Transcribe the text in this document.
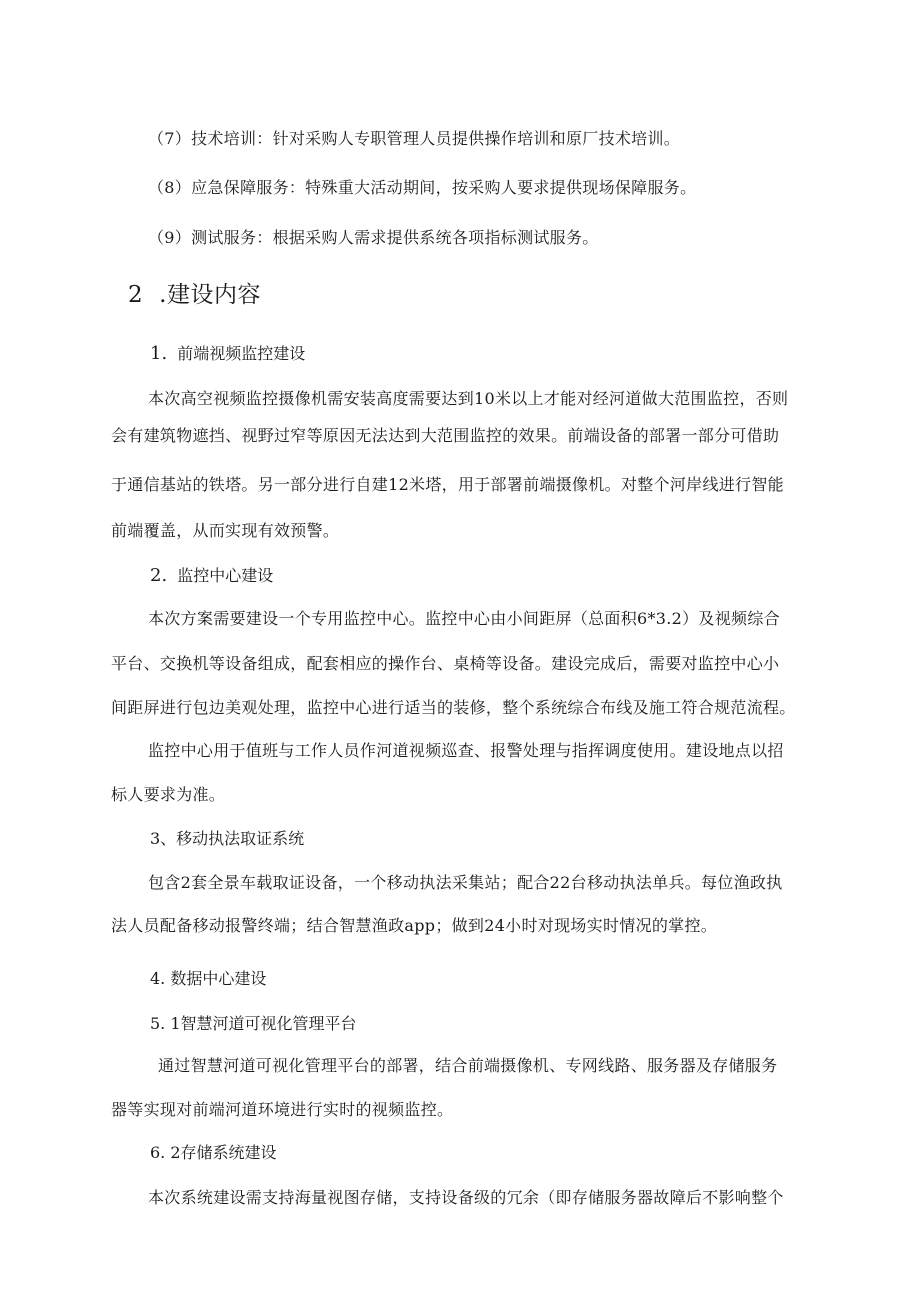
（7）技术培训：针对采购人专职管理人员提供操作培训和原厂技术培训。
（8）应急保障服务：特殊重大活动期间，按采购人要求提供现场保障服务。
（9）测试服务：根据采购人需求提供系统各项指标测试服务。
2 .建设内容
1. 前端视频监控建设
本次高空视频监控摄像机需安装高度需要达到10米以上才能对经河道做大范围监控，否则
会有建筑物遮挡、视野过窄等原因无法达到大范围监控的效果。前端设备的部署一部分可借助
于通信基站的铁塔。另一部分进行自建12米塔，用于部署前端摄像机。对整个河岸线进行智能
前端覆盖，从而实现有效预警。
2. 监控中心建设
本次方案需要建设一个专用监控中心。监控中心由小间距屏（总面积6*3.2）及视频综合
平台、交换机等设备组成，配套相应的操作台、桌椅等设备。建设完成后，需要对监控中心小
间距屏进行包边美观处理，监控中心进行适当的装修，整个系统综合布线及施工符合规范流程。
监控中心用于值班与工作人员作河道视频巡查、报警处理与指挥调度使用。建设地点以招
标人要求为准。
3、移动执法取证系统
包含2套全景车载取证设备，一个移动执法采集站；配合22台移动执法单兵。每位渔政执
法人员配备移动报警终端；结合智慧渔政app；做到24小时对现场实时情况的掌控。
4. 数据中心建设
5. 1智慧河道可视化管理平台
通过智慧河道可视化管理平台的部署，结合前端摄像机、专网线路、服务器及存储服务
器等实现对前端河道环境进行实时的视频监控。
6. 2存储系统建设
本次系统建设需支持海量视图存储，支持设备级的冗余（即存储服务器故障后不影响整个
